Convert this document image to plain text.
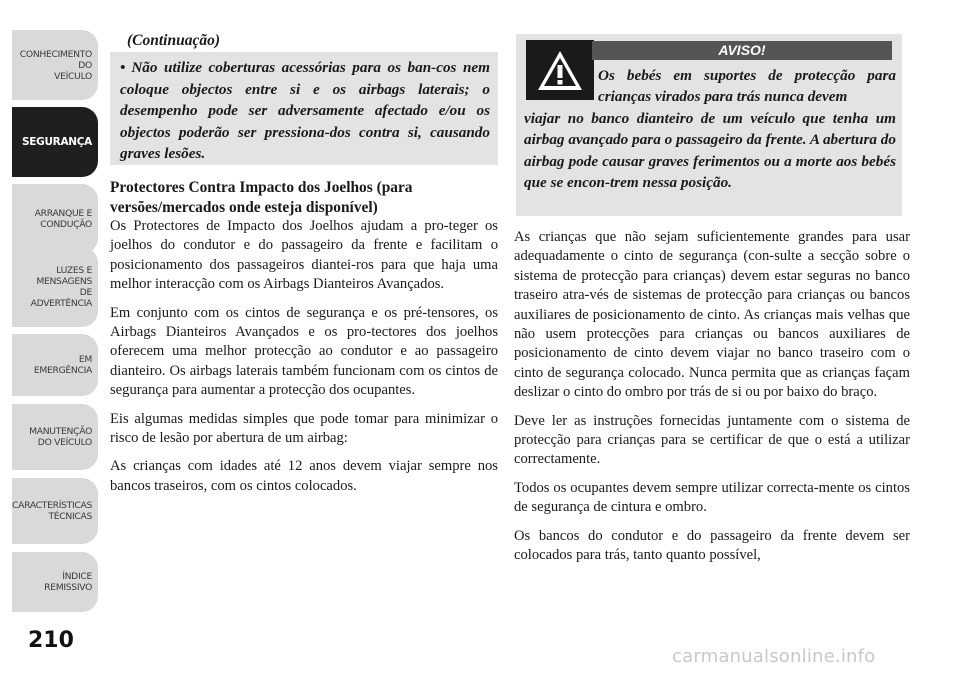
CONHECIMENTO
DO
VEÍCULO
SEGURANÇA
ARRANQUE E
CONDUÇÃO
LUZES E
MENSAGENS
DE
ADVERTÊNCIA
EM
EMERGÊNCIA
MANUTENÇÃO
DO VEÍCULO
CARACTERÍSTICAS
TÉCNICAS
ÍNDICE
REMISSIVO
210
(Continuação)
• Não utilize coberturas acessórias para os ban-cos nem coloque objectos entre si e os airbags laterais; o desempenho pode ser adversamente afectado e/ou os objectos poderão ser pressiona-dos contra si, causando graves lesões.
Protectores Contra Impacto dos Joelhos (para versões/mercados onde esteja disponível)
Os Protectores de Impacto dos Joelhos ajudam a pro-teger os joelhos do condutor e do passageiro da frente e facilitam o posicionamento dos passageiros diantei-ros para que haja uma melhor interacção com os Airbags Dianteiros Avançados.
Em conjunto com os cintos de segurança e os pré-tensores, os Airbags Dianteiros Avançados e os pro-tectores dos joelhos oferecem uma melhor protecção ao condutor e ao passageiro dianteiro. Os airbags laterais também funcionam com os cintos de segurança para aumentar a protecção dos ocupantes.
Eis algumas medidas simples que pode tomar para minimizar o risco de lesão por abertura de um airbag:
As crianças com idades até 12 anos devem viajar sempre nos bancos traseiros, com os cintos colocados.
AVISO!
Os bebés em suportes de protecção para crianças virados para trás nunca devem
viajar no banco dianteiro de um veículo que tenha um airbag avançado para o passageiro da frente. A abertura do airbag pode causar graves ferimentos ou a morte aos bebés que se encon-trem nessa posição.
As crianças que não sejam suficientemente grandes para usar adequadamente o cinto de segurança (con-sulte a secção sobre o sistema de protecção para crianças) devem estar seguras no banco traseiro atra-vés de sistemas de protecção para crianças ou bancos auxiliares de posicionamento de cinto. As crianças mais velhas que não usem protecções para crianças ou bancos auxiliares de posicionamento de cinto devem viajar no banco traseiro com o cinto de segurança colocado. Nunca permita que as crianças façam deslizar o cinto do ombro por trás de si ou por baixo do braço.
Deve ler as instruções fornecidas juntamente com o sistema de protecção para crianças para se certificar de que o está a utilizar correctamente.
Todos os ocupantes devem sempre utilizar correcta-mente os cintos de segurança de cintura e ombro.
Os bancos do condutor e do passageiro da frente devem ser colocados para trás, tanto quanto possível,
carmanualsonline.info
